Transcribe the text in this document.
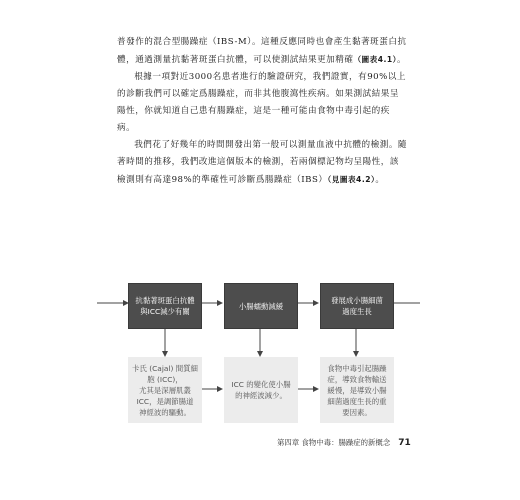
普發作的混合型腸躁症（IBS-M）。這種反應同時也會產生黏著斑蛋白抗體，通過測量抗黏著斑蛋白抗體，可以使測試結果更加精確（圖表4.1）。

根據一項對近3000名患者進行的驗證研究，我們證實，有90%以上的診斷我們可以確定爲腸躁症，而非其他腹瀉性疾病。如果測試結果呈陽性，你就知道自己患有腸躁症，這是一種可能由食物中毒引起的疾病。

我們花了好幾年的時間開發出第一般可以測量血液中抗體的檢測。隨著時間的推移，我們改進這個版本的檢測，若兩個標記物均呈陽性，該檢測則有高達98%的準確性可診斷爲腸躁症（IBS）（見圖表4.2）。

抗黏著斑蛋白抗體
與ICC減少有關
小腸蠕動減緩
發展成小腸細菌
過度生長
卡氏 (Cajal) 間質細
胞 (ICC)，
尤其是深層肌叢
ICC，是調節腸道
神經波的驅動。
ICC 的變化使小腸
的神經波減少。
食物中毒引起腸躁
症，導致食物輸送
緩慢，是導致小腸
細菌過度生長的重
要因素。
第四章 食物中毒：腸躁症的新概念 71
